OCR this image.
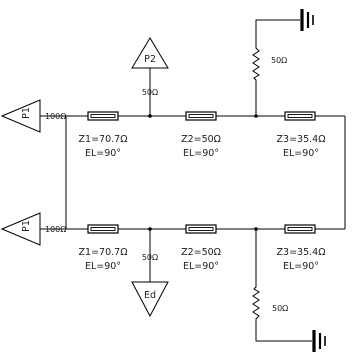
P1 100Ω
Z1=70.7Ω
EL=90°
Z2=50Ω
EL=90°
Z3=35.4Ω
EL=90°
P2
50Ω
50Ω
P1 100Ω
Z1=70.7Ω
EL=90°
Z2=50Ω
EL=90°
Z3=35.4Ω
EL=90°
50Ω
Ed
50Ω
